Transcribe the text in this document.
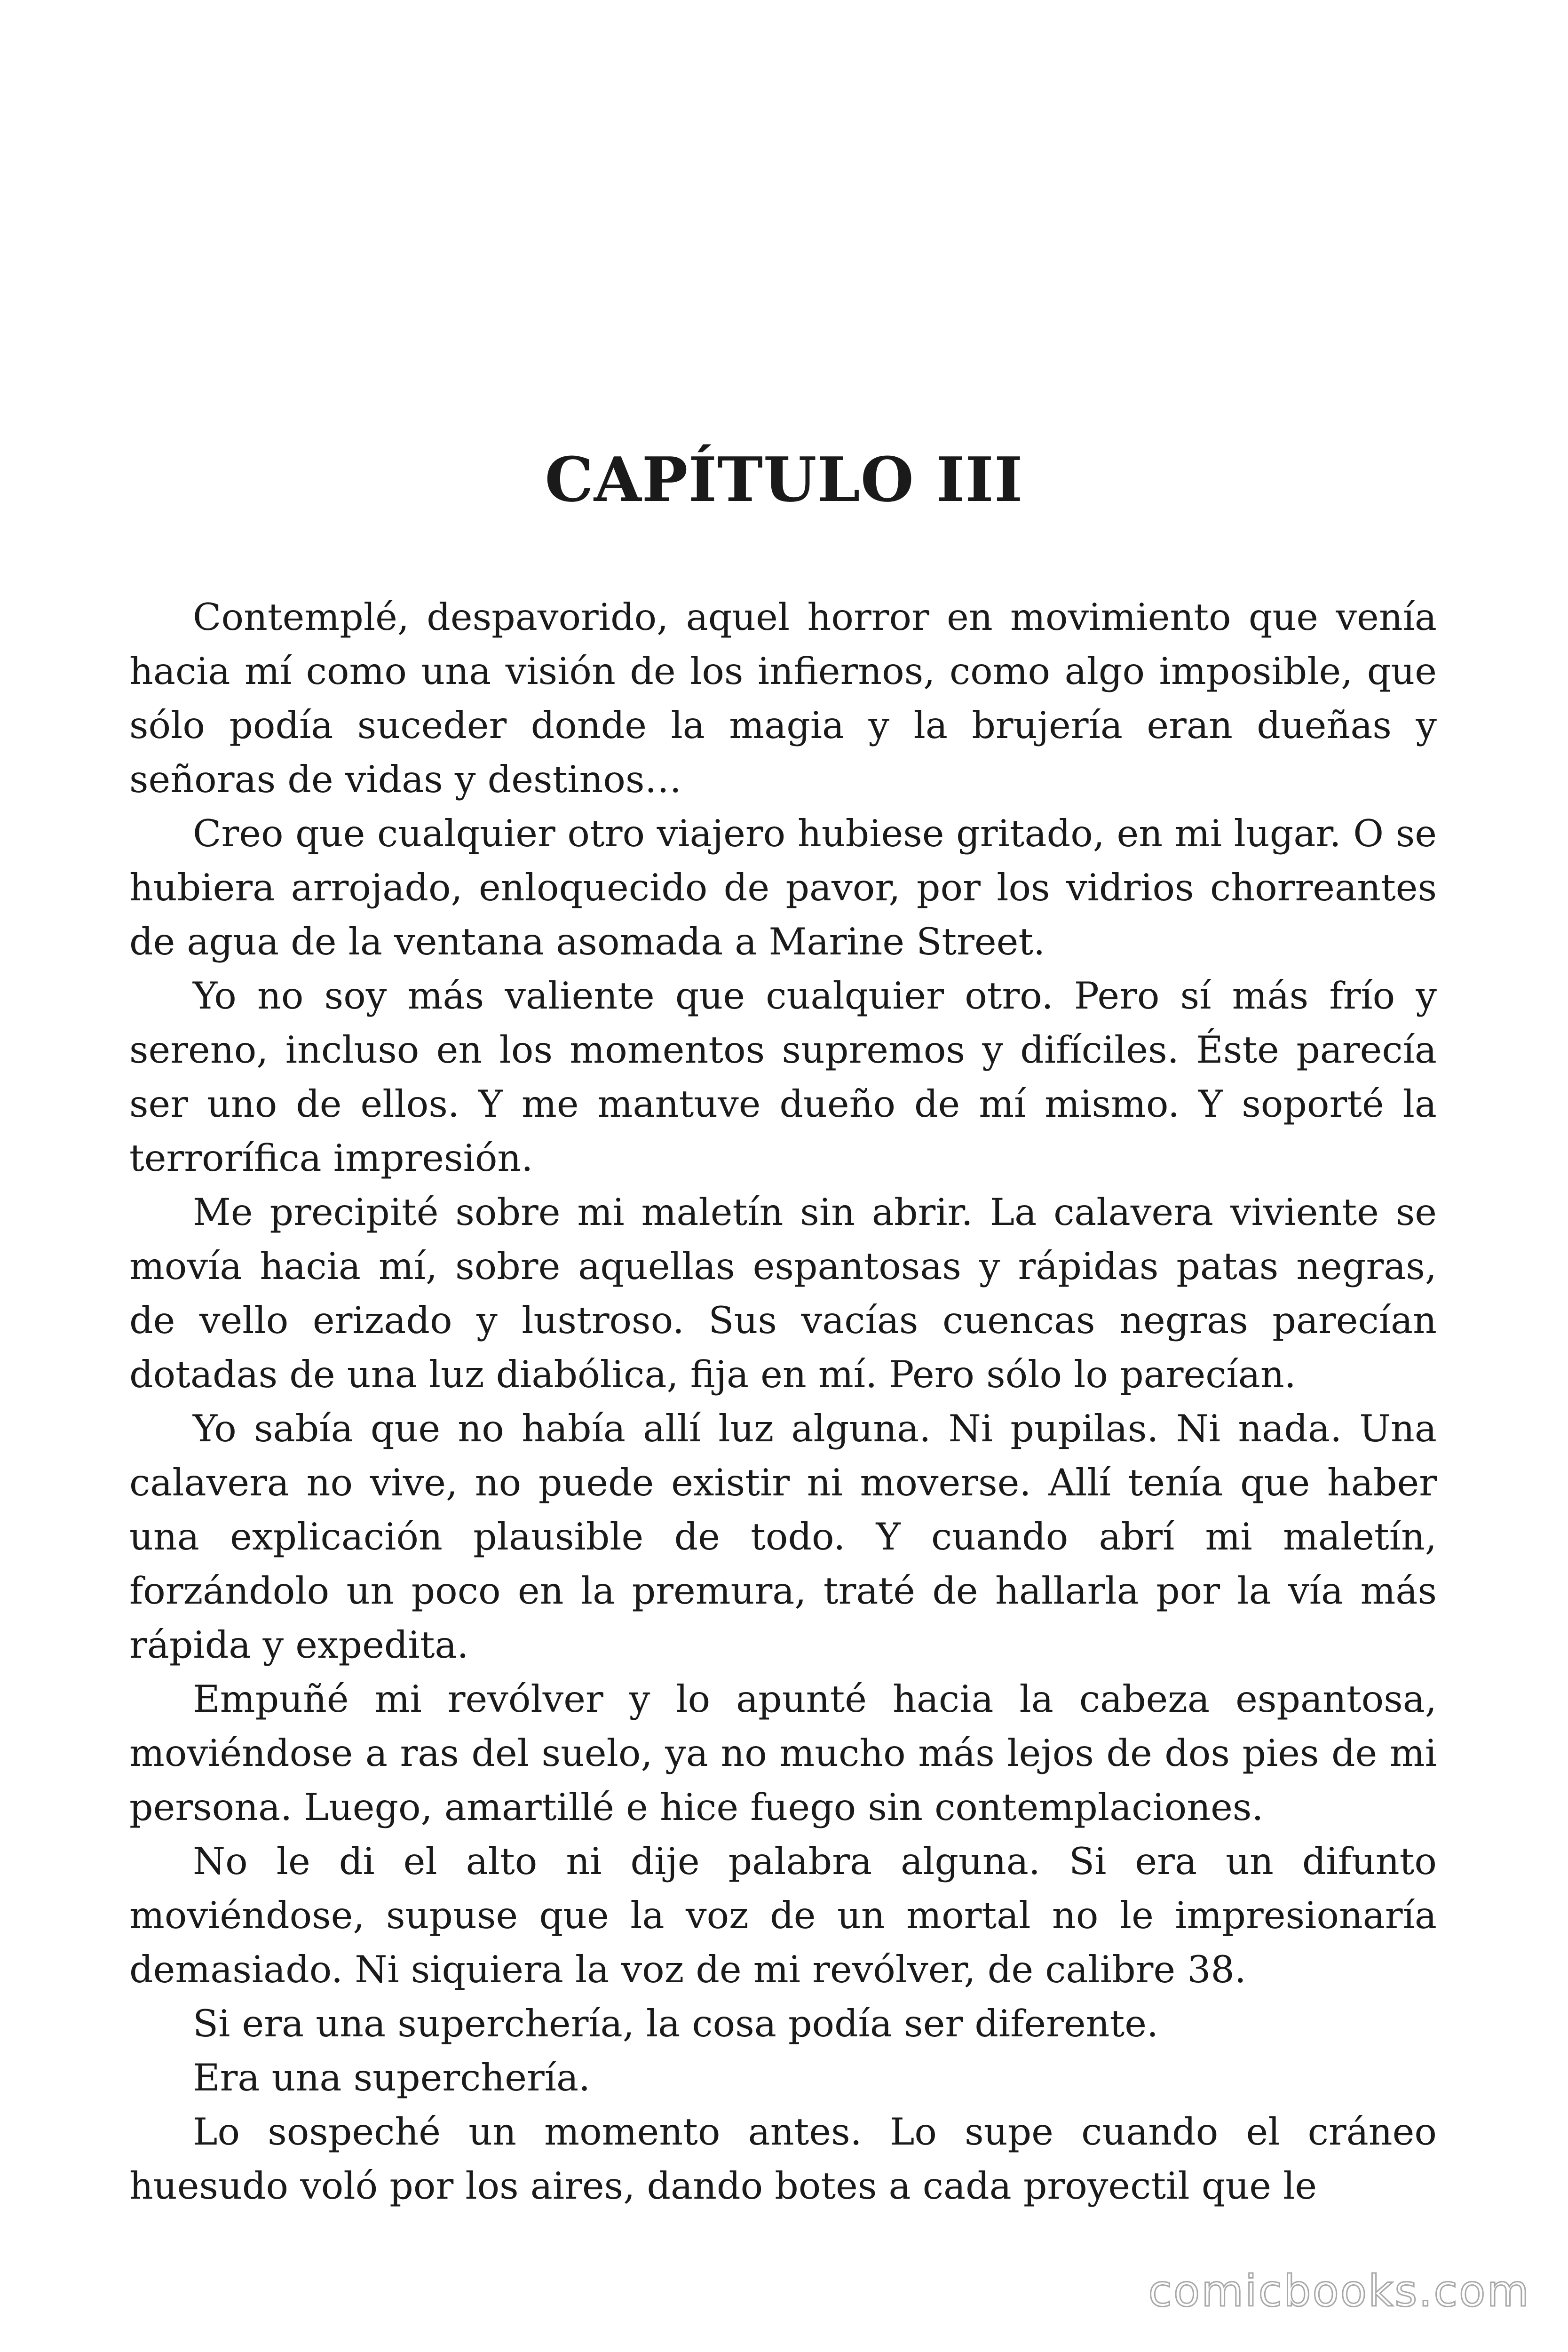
CAPÍTULO III

Contemplé, despavorido, aquel horror en movimiento que venía hacia mí como una visión de los infiernos, como algo imposible, que sólo podía suceder donde la magia y la brujería eran dueñas y señoras de vidas y destinos…

Creo que cualquier otro viajero hubiese gritado, en mi lugar. O se hubiera arrojado, enloquecido de pavor, por los vidrios chorreantes de agua de la ventana asomada a Marine Street.

Yo no soy más valiente que cualquier otro. Pero sí más frío y sereno, incluso en los momentos supremos y difíciles. Éste parecía ser uno de ellos. Y me mantuve dueño de mí mismo. Y soporté la terrorífica impresión.

Me precipité sobre mi maletín sin abrir. La calavera viviente se movía hacia mí, sobre aquellas espantosas y rápidas patas negras, de vello erizado y lustroso. Sus vacías cuencas negras parecían dotadas de una luz diabólica, fija en mí. Pero sólo lo parecían.

Yo sabía que no había allí luz alguna. Ni pupilas. Ni nada. Una calavera no vive, no puede existir ni moverse. Allí tenía que haber una explicación plausible de todo. Y cuando abrí mi maletín, forzándolo un poco en la premura, traté de hallarla por la vía más rápida y expedita.

Empuñé mi revólver y lo apunté hacia la cabeza espantosa, moviéndose a ras del suelo, ya no mucho más lejos de dos pies de mi persona. Luego, amartillé e hice fuego sin contemplaciones.

No le di el alto ni dije palabra alguna. Si era un difunto moviéndose, supuse que la voz de un mortal no le impresionaría demasiado. Ni siquiera la voz de mi revólver, de calibre 38.

Si era una superchería, la cosa podía ser diferente.

Era una superchería.

Lo sospeché un momento antes. Lo supe cuando el cráneo huesudo voló por los aires, dando botes a cada proyectil que le

comicbooks.com
